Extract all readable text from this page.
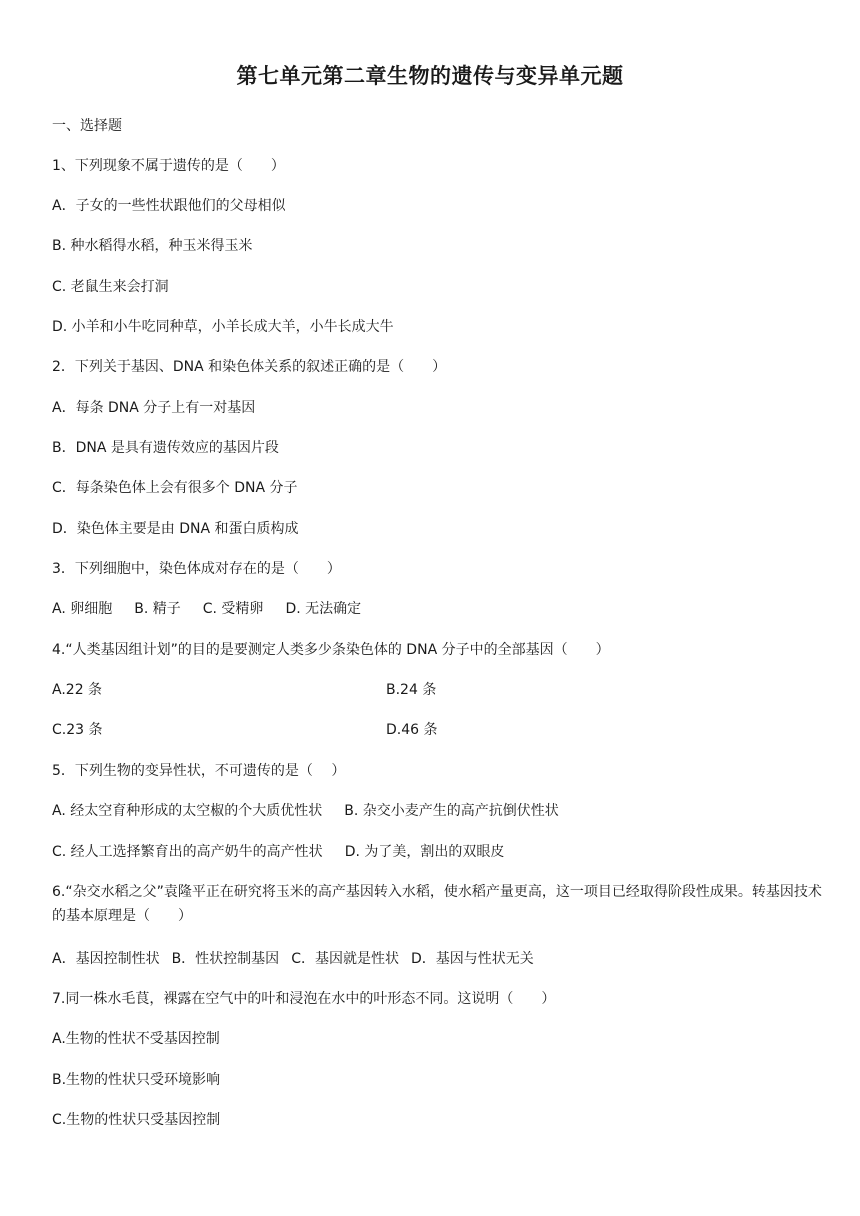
第七单元第二章生物的遗传与变异单元题
一、选择题
1、下列现象不属于遗传的是（　　）
A．子女的一些性状跟他们的父母相似
B. 种水稻得水稻，种玉米得玉米
C. 老鼠生来会打洞
D. 小羊和小牛吃同种草，小羊长成大羊，小牛长成大牛
2．下列关于基因、DNA 和染色体关系的叙述正确的是（　　）
A．每条 DNA 分子上有一对基因
B．DNA 是具有遗传效应的基因片段
C．每条染色体上会有很多个 DNA 分子
D．染色体主要是由 DNA 和蛋白质构成
3．下列细胞中，染色体成对存在的是（　　）
A. 卵细胞 B. 精子 C. 受精卵 D. 无法确定
4.“人类基因组计划”的目的是要测定人类多少条染色体的 DNA 分子中的全部基因（　　）
A.22 条	B.24 条
C.23 条	D.46 条
5．下列生物的变异性状，不可遗传的是（　 ）
A. 经太空育种形成的太空椒的个大质优性状 B. 杂交小麦产生的高产抗倒伏性状
C. 经人工选择繁育出的高产奶牛的高产性状 D. 为了美，割出的双眼皮
6.“杂交水稻之父”袁隆平正在研究将玉米的高产基因转入水稻，使水稻产量更高，这一项目已经取得阶段性成果。转基因技术的基本原理是（　　）
A．基因控制性状 B．性状控制基因 C．基因就是性状 D．基因与性状无关
7.同一株水毛茛，裸露在空气中的叶和浸泡在水中的叶形态不同。这说明（　　）
A.生物的性状不受基因控制
B.生物的性状只受环境影响
C.生物的性状只受基因控制
